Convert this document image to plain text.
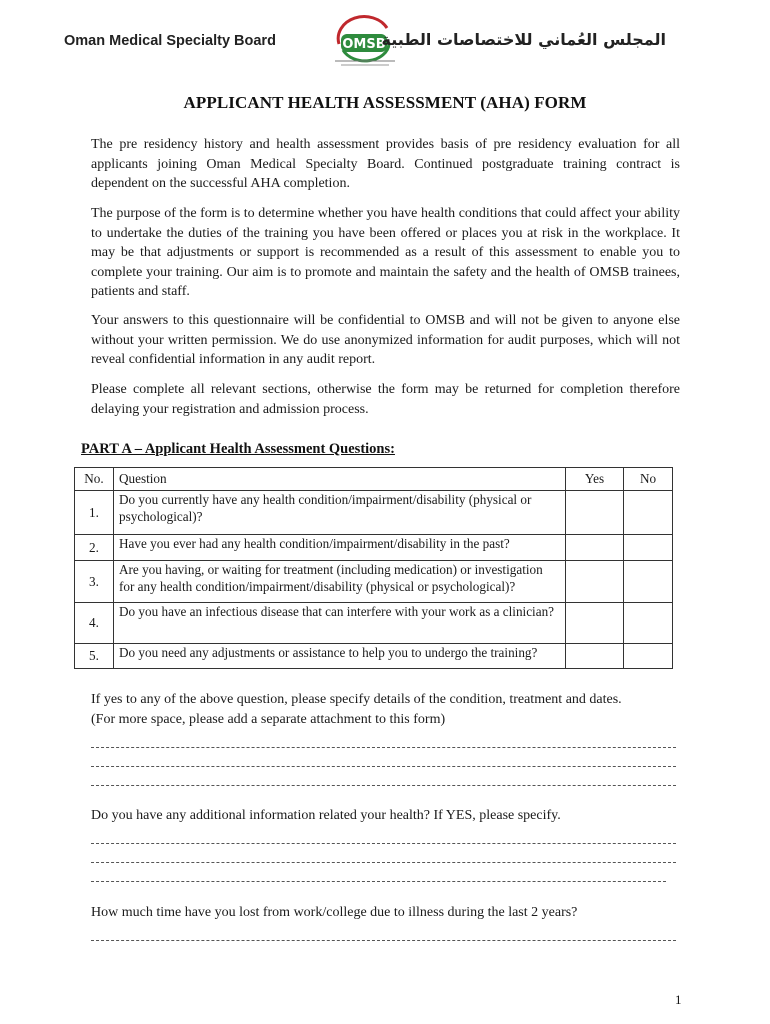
Oman Medical Specialty Board	OMSB
المجلس العُماني للاختصاصات الطبية
APPLICANT HEALTH ASSESSMENT (AHA) FORM

The pre residency history and health assessment provides basis of pre residency evaluation for all applicants joining Oman Medical Specialty Board. Continued postgraduate training contract is dependent on the successful AHA completion.

The purpose of the form is to determine whether you have health conditions that could affect your ability to undertake the duties of the training you have been offered or places you at risk in the workplace. It may be that adjustments or support is recommended as a result of this assessment to enable you to complete your training. Our aim is to promote and maintain the safety and the health of OMSB trainees, patients and staff.

Your answers to this questionnaire will be confidential to OMSB and will not be given to anyone else without your written permission. We do use anonymized information for audit purposes, which will not reveal confidential information in any audit report.

Please complete all relevant sections, otherwise the form may be returned for completion therefore delaying your registration and admission process.

PART A – Applicant Health Assessment Questions:
No.	Question	Yes	No
1.	Do you currently have any health condition/impairment/disability (physical or psychological)?		
2.	Have you ever had any health condition/impairment/disability in the past?		
3.	Are you having, or waiting for treatment (including medication) or investigation for any health condition/impairment/disability (physical or psychological)?		
4.	Do you have an infectious disease that can interfere with your work as a clinician?		
5.	Do you need any adjustments or assistance to help you to undergo the training?		

If yes to any of the above question, please specify details of the condition, treatment and dates.

(For more space, please add a separate attachment to this form)

Do you have any additional information related your health? If YES, please specify.

How much time have you lost from work/college due to illness during the last 2 years?

1
